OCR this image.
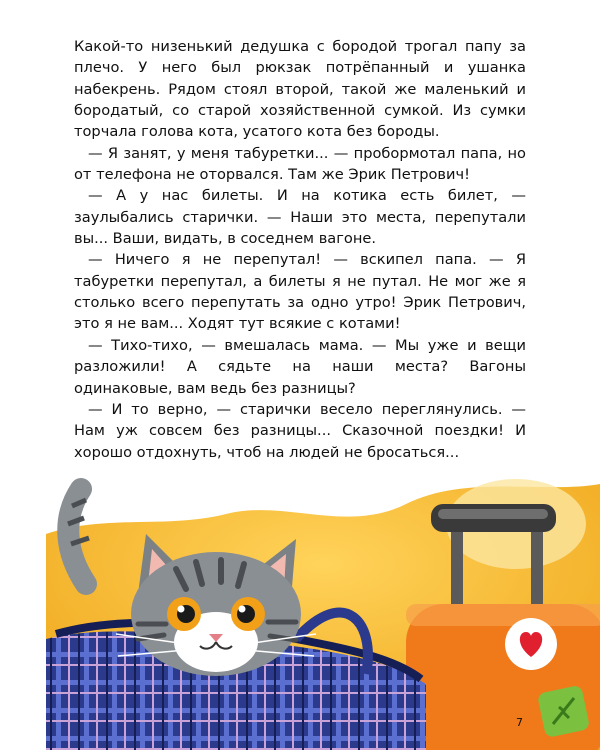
Какой-то низенький дедушка с бородой трогал папу за плечо. У него был рюкзак потрёпанный и ушанка набекрень. Рядом стоял второй, такой же маленький и бородатый, со старой хозяйственной сумкой. Из сумки торчала голова кота, усатого кота без бороды.

— Я занят, у меня табуретки... — пробормотал папа, но от телефона не оторвался. Там же Эрик Петрович!

— А у нас билеты. И на котика есть билет, — заулыбались старички. — Наши это места, перепутали вы... Ваши, видать, в соседнем вагоне.

— Ничего я не перепутал! — вскипел папа. — Я табуретки перепутал, а билеты я не путал. Не мог же я столько всего перепутать за одно утро! Эрик Петрович, это я не вам... Ходят тут всякие с котами!

— Тихо-тихо, — вмешалась мама. — Мы уже и вещи разложили! А сядьте на наши места? Вагоны одинаковые, вам ведь без разницы?

— И то верно, — старички весело переглянулись. — Нам уж совсем без разницы... Сказочной поездки! И хорошо отдохнуть, чтоб на людей не бросаться...

7
